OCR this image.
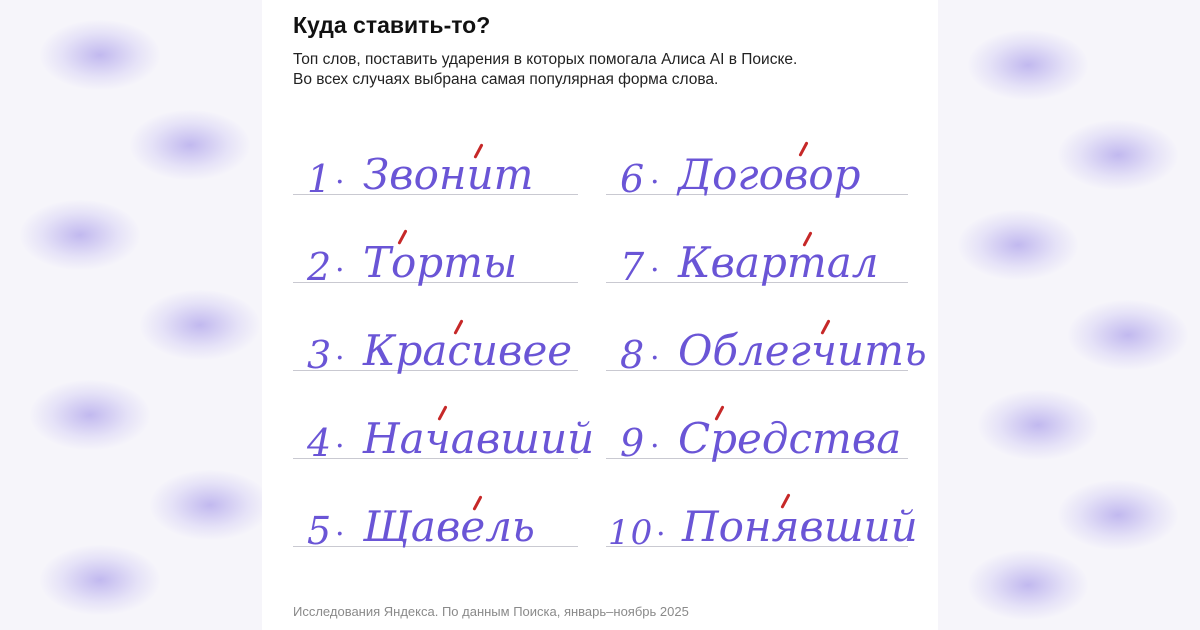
Куда ставить-то?
Топ слов, поставить ударения в которых помогала Алиса AI в Поиске.
Во всех случаях выбрана самая популярная форма слова.
1 . Звонит
2 . Торты
3 . Красивее
4 . Начавший
5 . Щавель
6 . Договор
7 . Квартал
8 . Облегчить
9 . Средства
10 . Понявший
Исследования Яндекса. По данным Поиска, январь–ноябрь 2025
